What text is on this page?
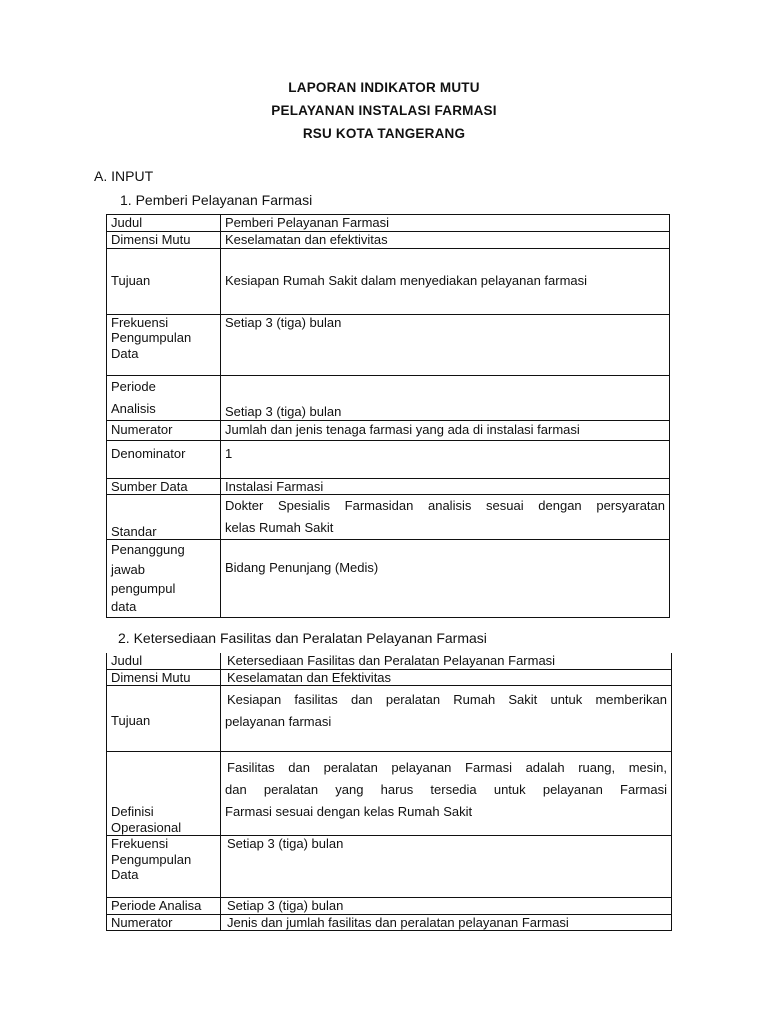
LAPORAN INDIKATOR MUTU
PELAYANAN INSTALASI FARMASI
RSU KOTA TANGERANG
A. INPUT
1. Pemberi Pelayanan Farmasi
Judul	Pemberi Pelayanan Farmasi
Dimensi Mutu	Keselamatan dan efektivitas
Tujuan	Kesiapan Rumah Sakit dalam menyediakan pelayanan farmasi

Frekuensi
Pengumpulan
Data	Setiap 3 (tiga) bulan

Periode
Analisis	Setiap 3 (tiga) bulan
Numerator	Jumlah dan jenis tenaga farmasi yang ada di instalasi farmasi
Denominator	1
Sumber Data	Instalasi Farmasi
Standar	Dokter Spesialis Farmasidan analisis sesuai dengan persyaratan
kelas Rumah Sakit

Penanggung
jawab
pengumpul
data	Bidang Penunjang (Medis)
2. Ketersediaan Fasilitas dan Peralatan Pelayanan Farmasi
Judul	Ketersediaan Fasilitas dan Peralatan Pelayanan Farmasi
Dimensi Mutu	Keselamatan dan Efektivitas
Tujuan	Kesiapan fasilitas dan peralatan Rumah Sakit untuk memberikan
pelayanan farmasi

Definisi
Operasional	Fasilitas dan peralatan pelayanan Farmasi adalah ruang, mesin,
dan peralatan yang harus tersedia untuk pelayanan Farmasi
Farmasi sesuai dengan kelas Rumah Sakit

Frekuensi
Pengumpulan
Data	Setiap 3 (tiga) bulan
Periode Analisa	Setiap 3 (tiga) bulan
Numerator	Jenis dan jumlah fasilitas dan peralatan pelayanan Farmasi
